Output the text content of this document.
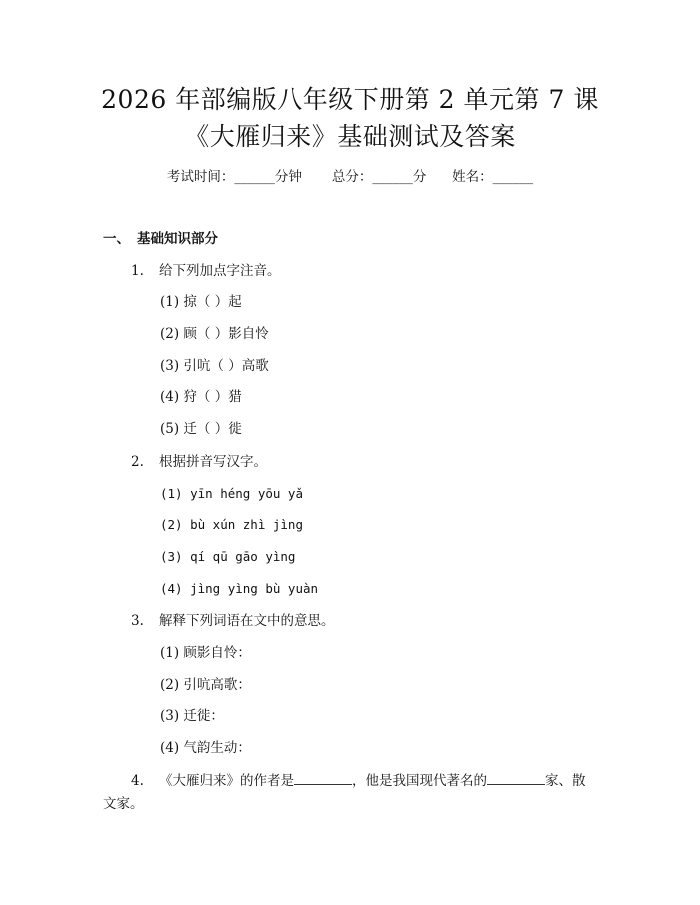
2026 年部编版八年级下册第 2 单元第 7 课
《大雁归来》基础测试及答案
考试时间：______分钟 总分：______分 姓名：______
一、 基础知识部分
1. 给下列加点字注音。
(1) 掠（ ）起
(2) 顾（ ）影自怜
(3) 引吭（ ）高歌
(4) 狩（ ）猎
(5) 迁（ ）徙
2. 根据拼音写汉字。
(1) yīn héng yōu yǎ
(2) bù xún zhì jìng
(3) qí qū gāo yìng
(4) jìng yìng bù yuàn
3. 解释下列词语在文中的意思。
(1) 顾影自怜：
(2) 引吭高歌：
(3) 迁徙：
(4) 气韵生动：
4. 《大雁归来》的作者是	，他是我国现代著名的	家、散
文家。
